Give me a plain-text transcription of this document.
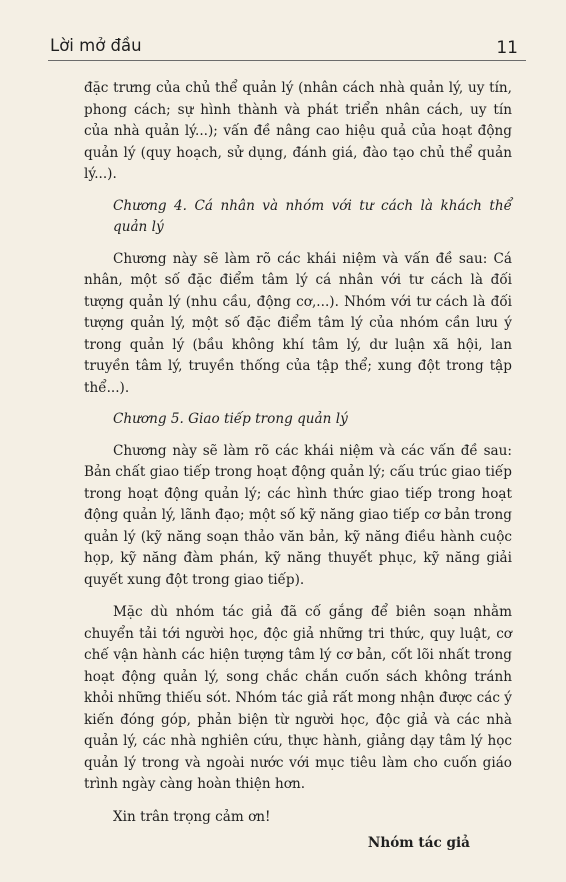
Lời mở đầu	11

đặc trưng của chủ thể quản lý (nhân cách nhà quản lý, uy tín, phong cách; sự hình thành và phát triển nhân cách, uy tín của nhà quản lý...); vấn đề nâng cao hiệu quả của hoạt động quản lý (quy hoạch, sử dụng, đánh giá, đào tạo chủ thể quản lý...).

Chương 4. Cá nhân và nhóm với tư cách là khách thể quản lý

Chương này sẽ làm rõ các khái niệm và vấn đề sau: Cá nhân, một số đặc điểm tâm lý cá nhân với tư cách là đối tượng quản lý (nhu cầu, động cơ,...). Nhóm với tư cách là đối tượng quản lý, một số đặc điểm tâm lý của nhóm cần lưu ý trong quản lý (bầu không khí tâm lý, dư luận xã hội, lan truyền tâm lý, truyền thống của tập thể; xung đột trong tập thể...).

Chương 5. Giao tiếp trong quản lý

Chương này sẽ làm rõ các khái niệm và các vấn đề sau: Bản chất giao tiếp trong hoạt động quản lý; cấu trúc giao tiếp trong hoạt động quản lý; các hình thức giao tiếp trong hoạt động quản lý, lãnh đạo; một số kỹ năng giao tiếp cơ bản trong quản lý (kỹ năng soạn thảo văn bản, kỹ năng điều hành cuộc họp, kỹ năng đàm phán, kỹ năng thuyết phục, kỹ năng giải quyết xung đột trong giao tiếp).

Mặc dù nhóm tác giả đã cố gắng để biên soạn nhằm chuyển tải tới người học, độc giả những tri thức, quy luật, cơ chế vận hành các hiện tượng tâm lý cơ bản, cốt lõi nhất trong hoạt động quản lý, song chắc chắn cuốn sách không tránh khỏi những thiếu sót. Nhóm tác giả rất mong nhận được các ý kiến đóng góp, phản biện từ người học, độc giả và các nhà quản lý, các nhà nghiên cứu, thực hành, giảng dạy tâm lý học quản lý trong và ngoài nước với mục tiêu làm cho cuốn giáo trình ngày càng hoàn thiện hơn.

Xin trân trọng cảm ơn!

Nhóm tác giả
